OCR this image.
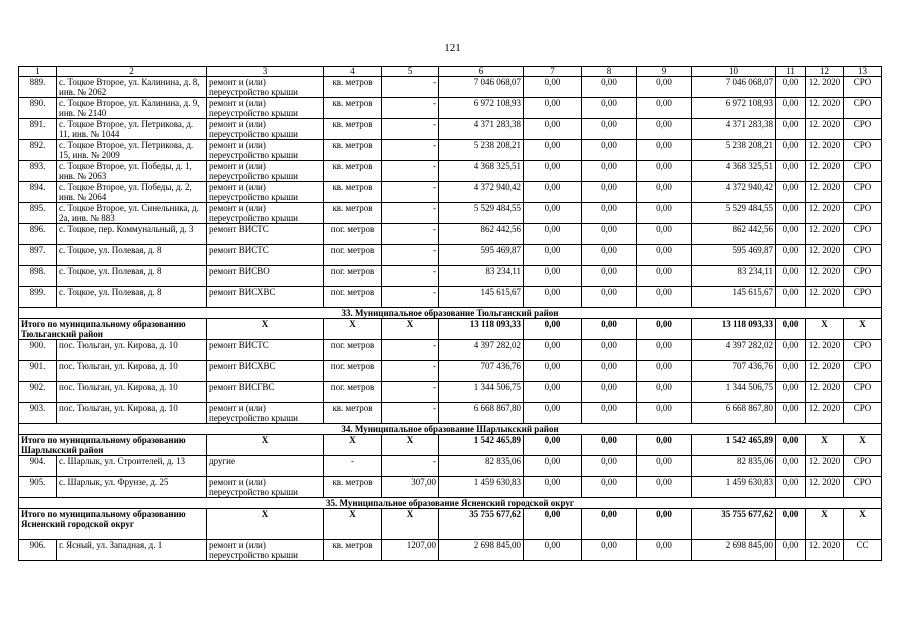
121
1	2	3	4	5	6	7	8	9	10	11	12	13
889.	с. Тоцкое Второе, ул. Калинина, д. 8, инв. № 2062	ремонт и (или) переустройство крыши	кв. метров	-	7 046 068,07	0,00	0,00	0,00	7 046 068,07	0,00	12. 2020	СРО
890.	с. Тоцкое Второе, ул. Калинина, д. 9, инв. № 2140	ремонт и (или) переустройство крыши	кв. метров	-	6 972 108,93	0,00	0,00	0,00	6 972 108,93	0,00	12. 2020	СРО
891.	с. Тоцкое Второе, ул. Петрикова, д. 11, инв. № 1044	ремонт и (или) переустройство крыши	кв. метров	-	4 371 283,38	0,00	0,00	0,00	4 371 283,38	0,00	12. 2020	СРО
892.	с. Тоцкое Второе, ул. Петрикова, д. 15, инв. № 2009	ремонт и (или) переустройство крыши	кв. метров	-	5 238 208,21	0,00	0,00	0,00	5 238 208,21	0,00	12. 2020	СРО
893.	с. Тоцкое Второе, ул. Победы, д. 1, инв. № 2063	ремонт и (или) переустройство крыши	кв. метров	-	4 368 325,51	0,00	0,00	0,00	4 368 325,51	0,00	12. 2020	СРО
894.	с. Тоцкое Второе, ул. Победы, д. 2, инв. № 2064	ремонт и (или) переустройство крыши	кв. метров	-	4 372 940,42	0,00	0,00	0,00	4 372 940,42	0,00	12. 2020	СРО
895.	с. Тоцкое Второе, ул. Синельника, д. 2а, инв. № 883	ремонт и (или) переустройство крыши	кв. метров	-	5 529 484,55	0,00	0,00	0,00	5 529 484,55	0,00	12. 2020	СРО
896.	с. Тоцкое, пер. Коммунальный, д. 3	ремонт ВИСТС	пог. метров	-	862 442,56	0,00	0,00	0,00	862 442,56	0,00	12. 2020	СРО
897.	с. Тоцкое, ул. Полевая, д. 8	ремонт ВИСТС	пог. метров	-	595 469,87	0,00	0,00	0,00	595 469,87	0,00	12. 2020	СРО
898.	с. Тоцкое, ул. Полевая, д. 8	ремонт ВИСВО	пог. метров	-	83 234,11	0,00	0,00	0,00	83 234,11	0,00	12. 2020	СРО
899.	с. Тоцкое, ул. Полевая, д. 8	ремонт ВИСХВС	пог. метров	-	145 615,67	0,00	0,00	0,00	145 615,67	0,00	12. 2020	СРО
33. Муниципальное образование Тюльганский район												
Итого по муниципальному образованию Тюльганский район		X	X	X	13 118 093,33	0,00	0,00	0,00	13 118 093,33	0,00	X	X
900.	пос. Тюльган, ул. Кирова, д. 10	ремонт ВИСТС	пог. метров	-	4 397 282,02	0,00	0,00	0,00	4 397 282,02	0,00	12. 2020	СРО
901.	пос. Тюльган, ул. Кирова, д. 10	ремонт ВИСХВС	пог. метров	-	707 436,76	0,00	0,00	0,00	707 436,76	0,00	12. 2020	СРО
902.	пос. Тюльган, ул. Кирова, д. 10	ремонт ВИСГВС	пог. метров	-	1 344 506,75	0,00	0,00	0,00	1 344 506,75	0,00	12. 2020	СРО
903.	пос. Тюльган, ул. Кирова, д. 10	ремонт и (или) переустройство крыши	кв. метров	-	6 668 867,80	0,00	0,00	0,00	6 668 867,80	0,00	12. 2020	СРО
34. Муниципальное образование Шарлыкский район												
Итого по муниципальному образованию Шарлыкский район		X	X	X	1 542 465,89	0,00	0,00	0,00	1 542 465,89	0,00	X	X
904.	с. Шарлык, ул. Строителей, д. 13	другие	-	-	82 835,06	0,00	0,00	0,00	82 835,06	0,00	12. 2020	СРО
905.	с. Шарлык, ул. Фрунзе, д. 25	ремонт и (или) переустройство крыши	кв. метров	307,00	1 459 630,83	0,00	0,00	0,00	1 459 630,83	0,00	12. 2020	СРО
35. Муниципальное образование Ясненский городской округ												
Итого по муниципальному образованию Ясненский городской округ		X	X	X	35 755 677,62	0,00	0,00	0,00	35 755 677,62	0,00	X	X
906.	г. Ясный, ул. Западная, д. 1	ремонт и (или) переустройство крыши	кв. метров	1207,00	2 698 845,00	0,00	0,00	0,00	2 698 845,00	0,00	12. 2020	СС
